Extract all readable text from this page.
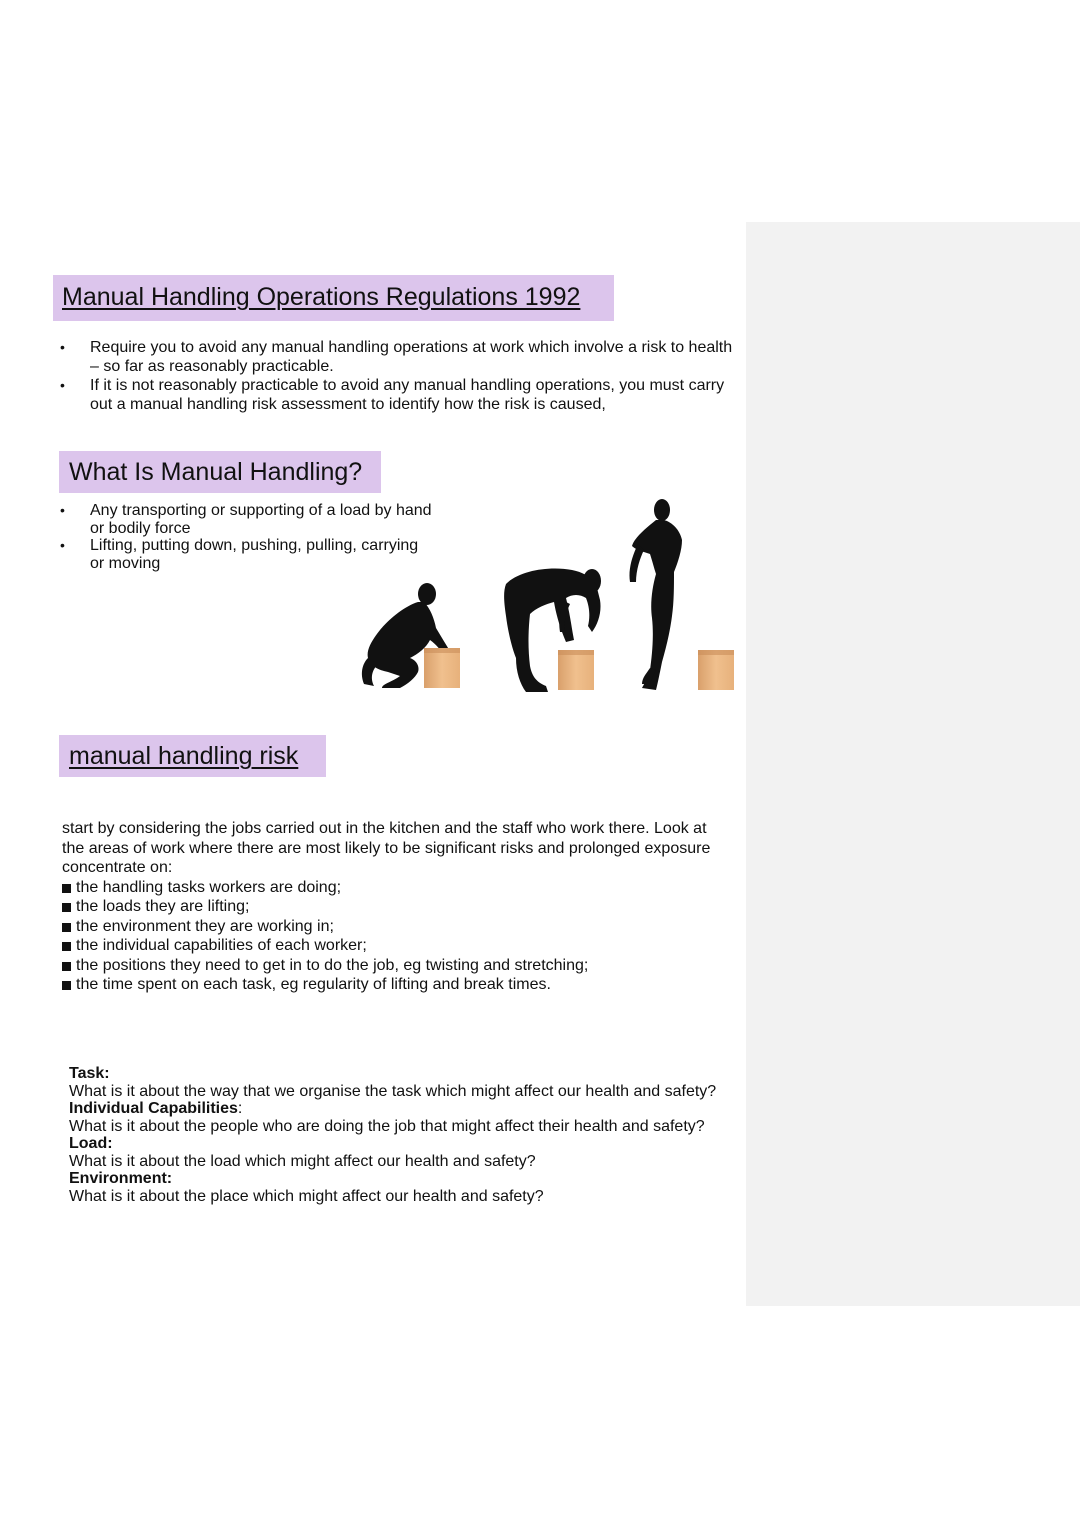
Manual Handling Operations Regulations 1992
• Require you to avoid any manual handling operations at work which involve a risk to health – so far as reasonably practicable.
• If it is not reasonably practicable to avoid any manual handling operations, you must carry out a manual handling risk assessment to identify how the risk is caused,
What Is Manual Handling?
• Any transporting or supporting of a load by hand or bodily force
• Lifting, putting down, pushing, pulling, carrying or moving
manual handling risk
start by considering the jobs carried out in the kitchen and the staff who work there. Look at the areas of work where there are most likely to be significant risks and prolonged exposure concentrate on:
the handling tasks workers are doing;
the loads they are lifting;
the environment they are working in;
the individual capabilities of each worker;
the positions they need to get in to do the job, eg twisting and stretching;
the time spent on each task, eg regularity of lifting and break times.
Task:
What is it about the way that we organise the task which might affect our health and safety?
Individual Capabilities:
What is it about the people who are doing the job that might affect their health and safety?
Load:
What is it about the load which might affect our health and safety?
Environment:
What is it about the place which might affect our health and safety?
